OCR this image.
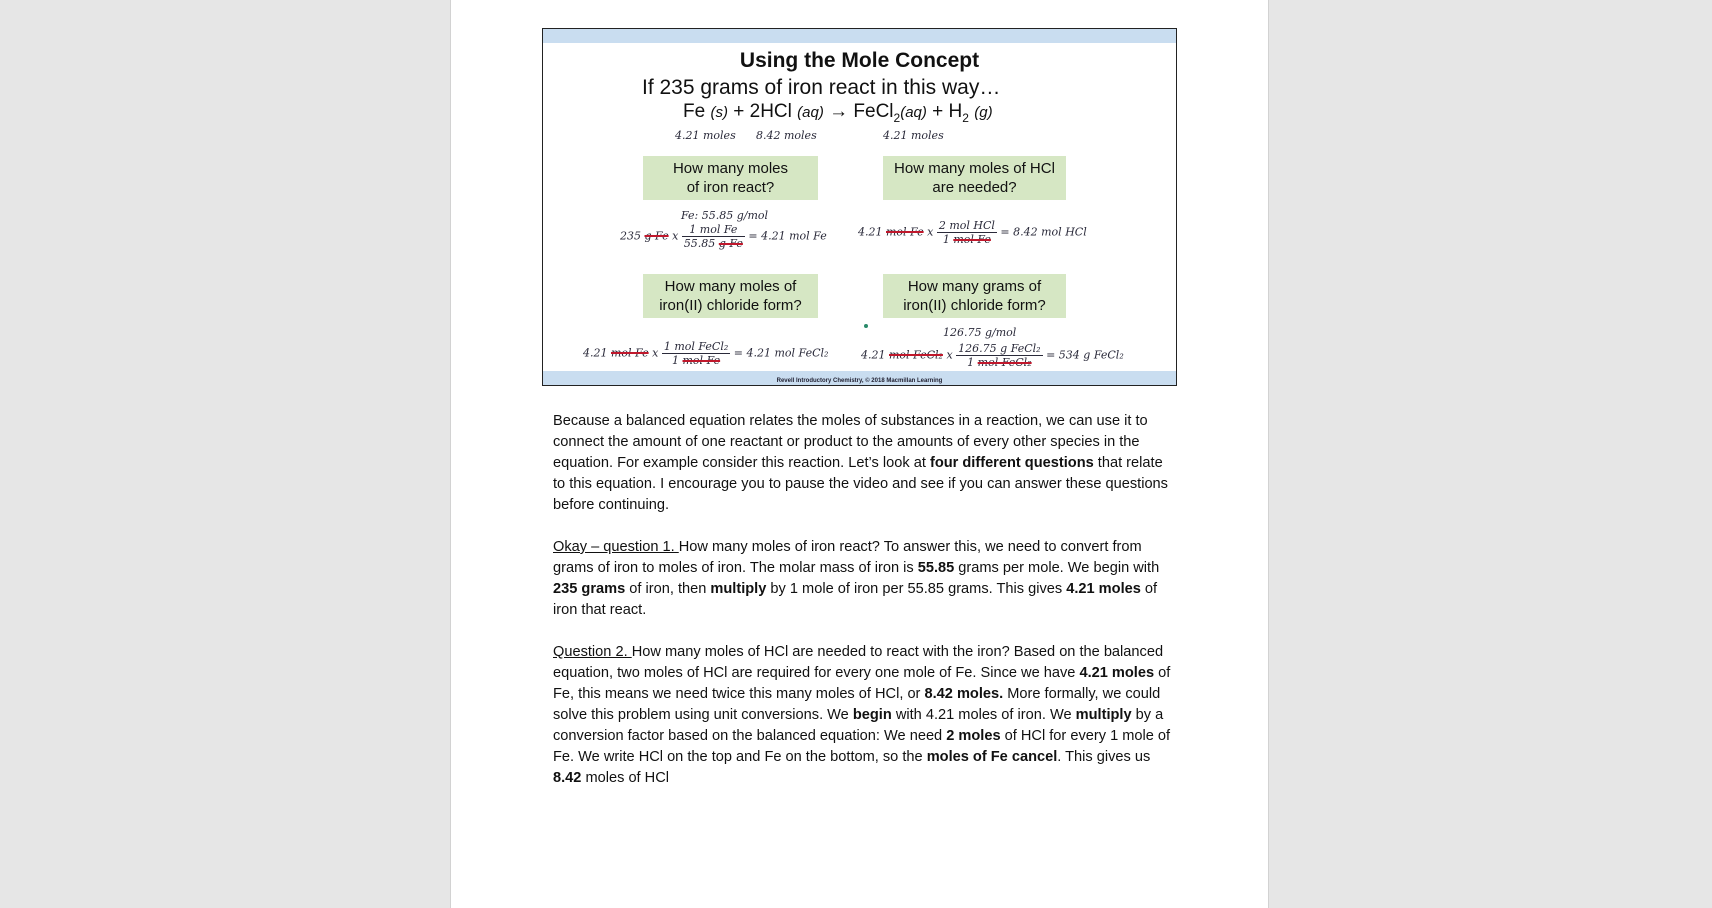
Using the Mole Concept
If 235 grams of iron react in this way…
Fe (s) + 2HCl (aq) → FeCl$_2$(aq) + $H_2$ (g)
4.21 moles 8.42 moles	4.21 moles
How many moles
of iron react?
How many moles of HCl
are needed?
How many moles of
iron(II) chloride form?
How many grams of
iron(II) chloride form?
Fe: 55.85 g/mol
235 g Fe x $\frac{\text{1 mol Fe}}{\text{55.85 g Fe}} = 4.21$ mol Fe	4.21 mol Fe x $\frac{\text{2 mol HCl}}{\text{1 mol Fe}} = 8.42$ mol HCl
4.21 mol Fe x $\frac{\text{1 mol FeCl₂}}{\text{1 mol Fe}} = 4.21$ mol FeCl₂
126.75 g/mol
4.21 mol FeCl₂ x $\frac{\text{126.75 g FeCl₂}}{\text{1 mol FeCl₂}} = 534$ g FeCl₂
Revell Introductory Chemistry, © 2018 Macmillan Learning

Because a balanced equation relates the moles of substances in a reaction, we can use it to connect the amount of one reactant or product to the amounts of every other species in the equation. For example consider this reaction. Let’s look at four different questions that relate to this equation. I encourage you to pause the video and see if you can answer these questions before continuing.

Okay – question 1. How many moles of iron react? To answer this, we need to convert from grams of iron to moles of iron. The molar mass of iron is 55.85 grams per mole. We begin with 235 grams of iron, then multiply by 1 mole of iron per 55.85 grams. This gives 4.21 moles of iron that react.

Question 2. How many moles of HCl are needed to react with the iron? Based on the balanced equation, two moles of HCl are required for every one mole of Fe. Since we have 4.21 moles of Fe, this means we need twice this many moles of HCl, or 8.42 moles. More formally, we could solve this problem using unit conversions. We begin with 4.21 moles of iron. We multiply by a conversion factor based on the balanced equation: We need 2 moles of HCl for every 1 mole of Fe. We write HCl on the top and Fe on the bottom, so the moles of Fe cancel. This gives us 8.42 moles of HCl
